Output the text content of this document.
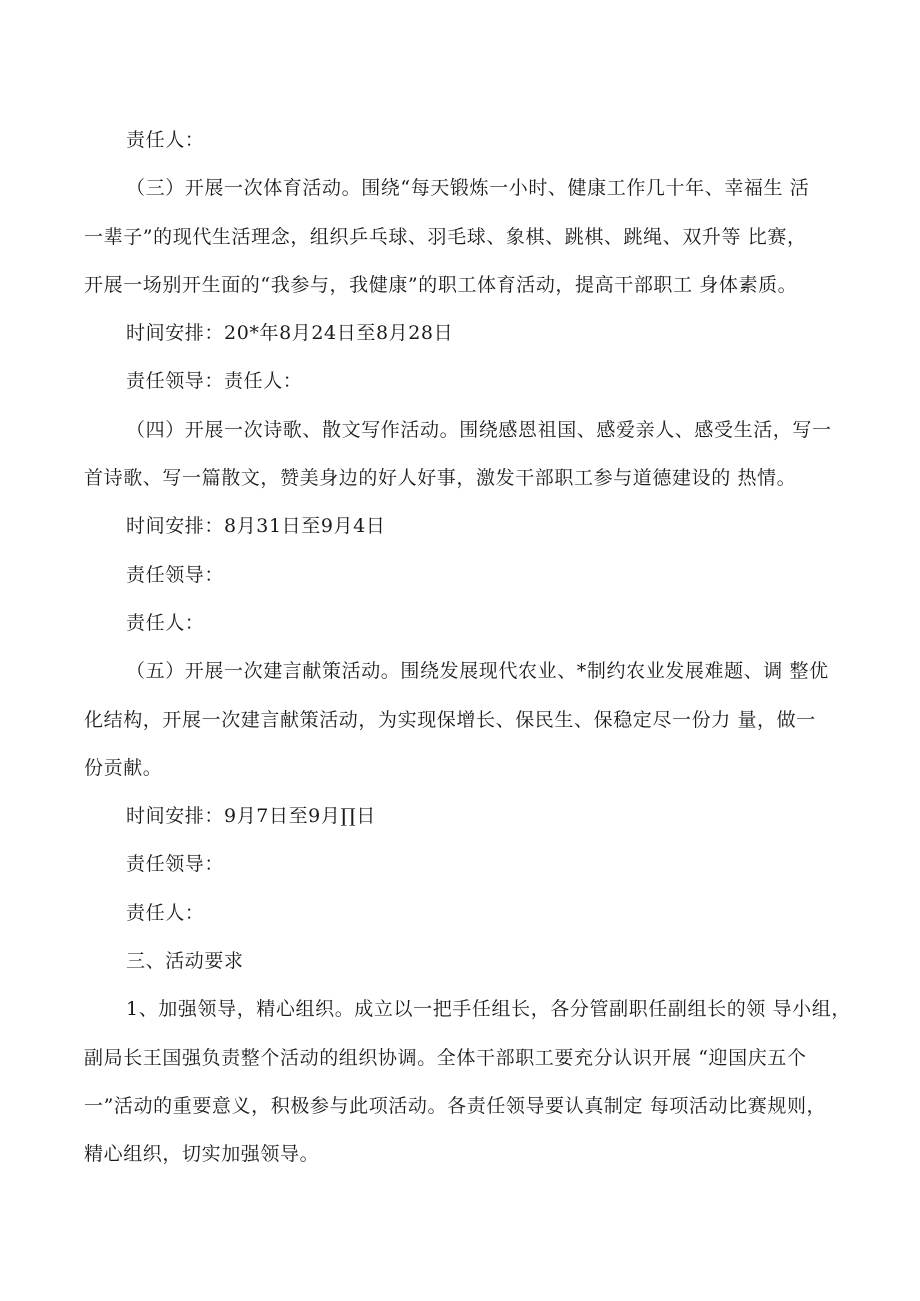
责任人：
（三）开展一次体育活动。围绕“每天锻炼一小时、健康工作几十年、幸福生 活
一辈子”的现代生活理念，组织乒乓球、羽毛球、象棋、跳棋、跳绳、双升等 比赛，
开展一场别开生面的“我参与，我健康”的职工体育活动，提高干部职工 身体素质。
时间安排：20*年8月24日至8月28日
责任领导：责任人：
（四）开展一次诗歌、散文写作活动。围绕感恩祖国、感爱亲人、感受生活，写一
首诗歌、写一篇散文，赞美身边的好人好事，激发干部职工参与道德建设的 热情。
时间安排：8月31日至9月4日
责任领导：
责任人：
（五）开展一次建言献策活动。围绕发展现代农业、*制约农业发展难题、调 整优
化结构，开展一次建言献策活动，为实现保增长、保民生、保稳定尽一份力 量，做一
份贡献。
时间安排：9月7日至9月∏日
责任领导：
责任人：
三、活动要求
1、加强领导，精心组织。成立以一把手任组长，各分管副职任副组长的领 导小组，
副局长王国强负责整个活动的组织协调。全体干部职工要充分认识开展 “迎国庆五个
一”活动的重要意义，积极参与此项活动。各责任领导要认真制定 每项活动比赛规则，
精心组织，切实加强领导。
